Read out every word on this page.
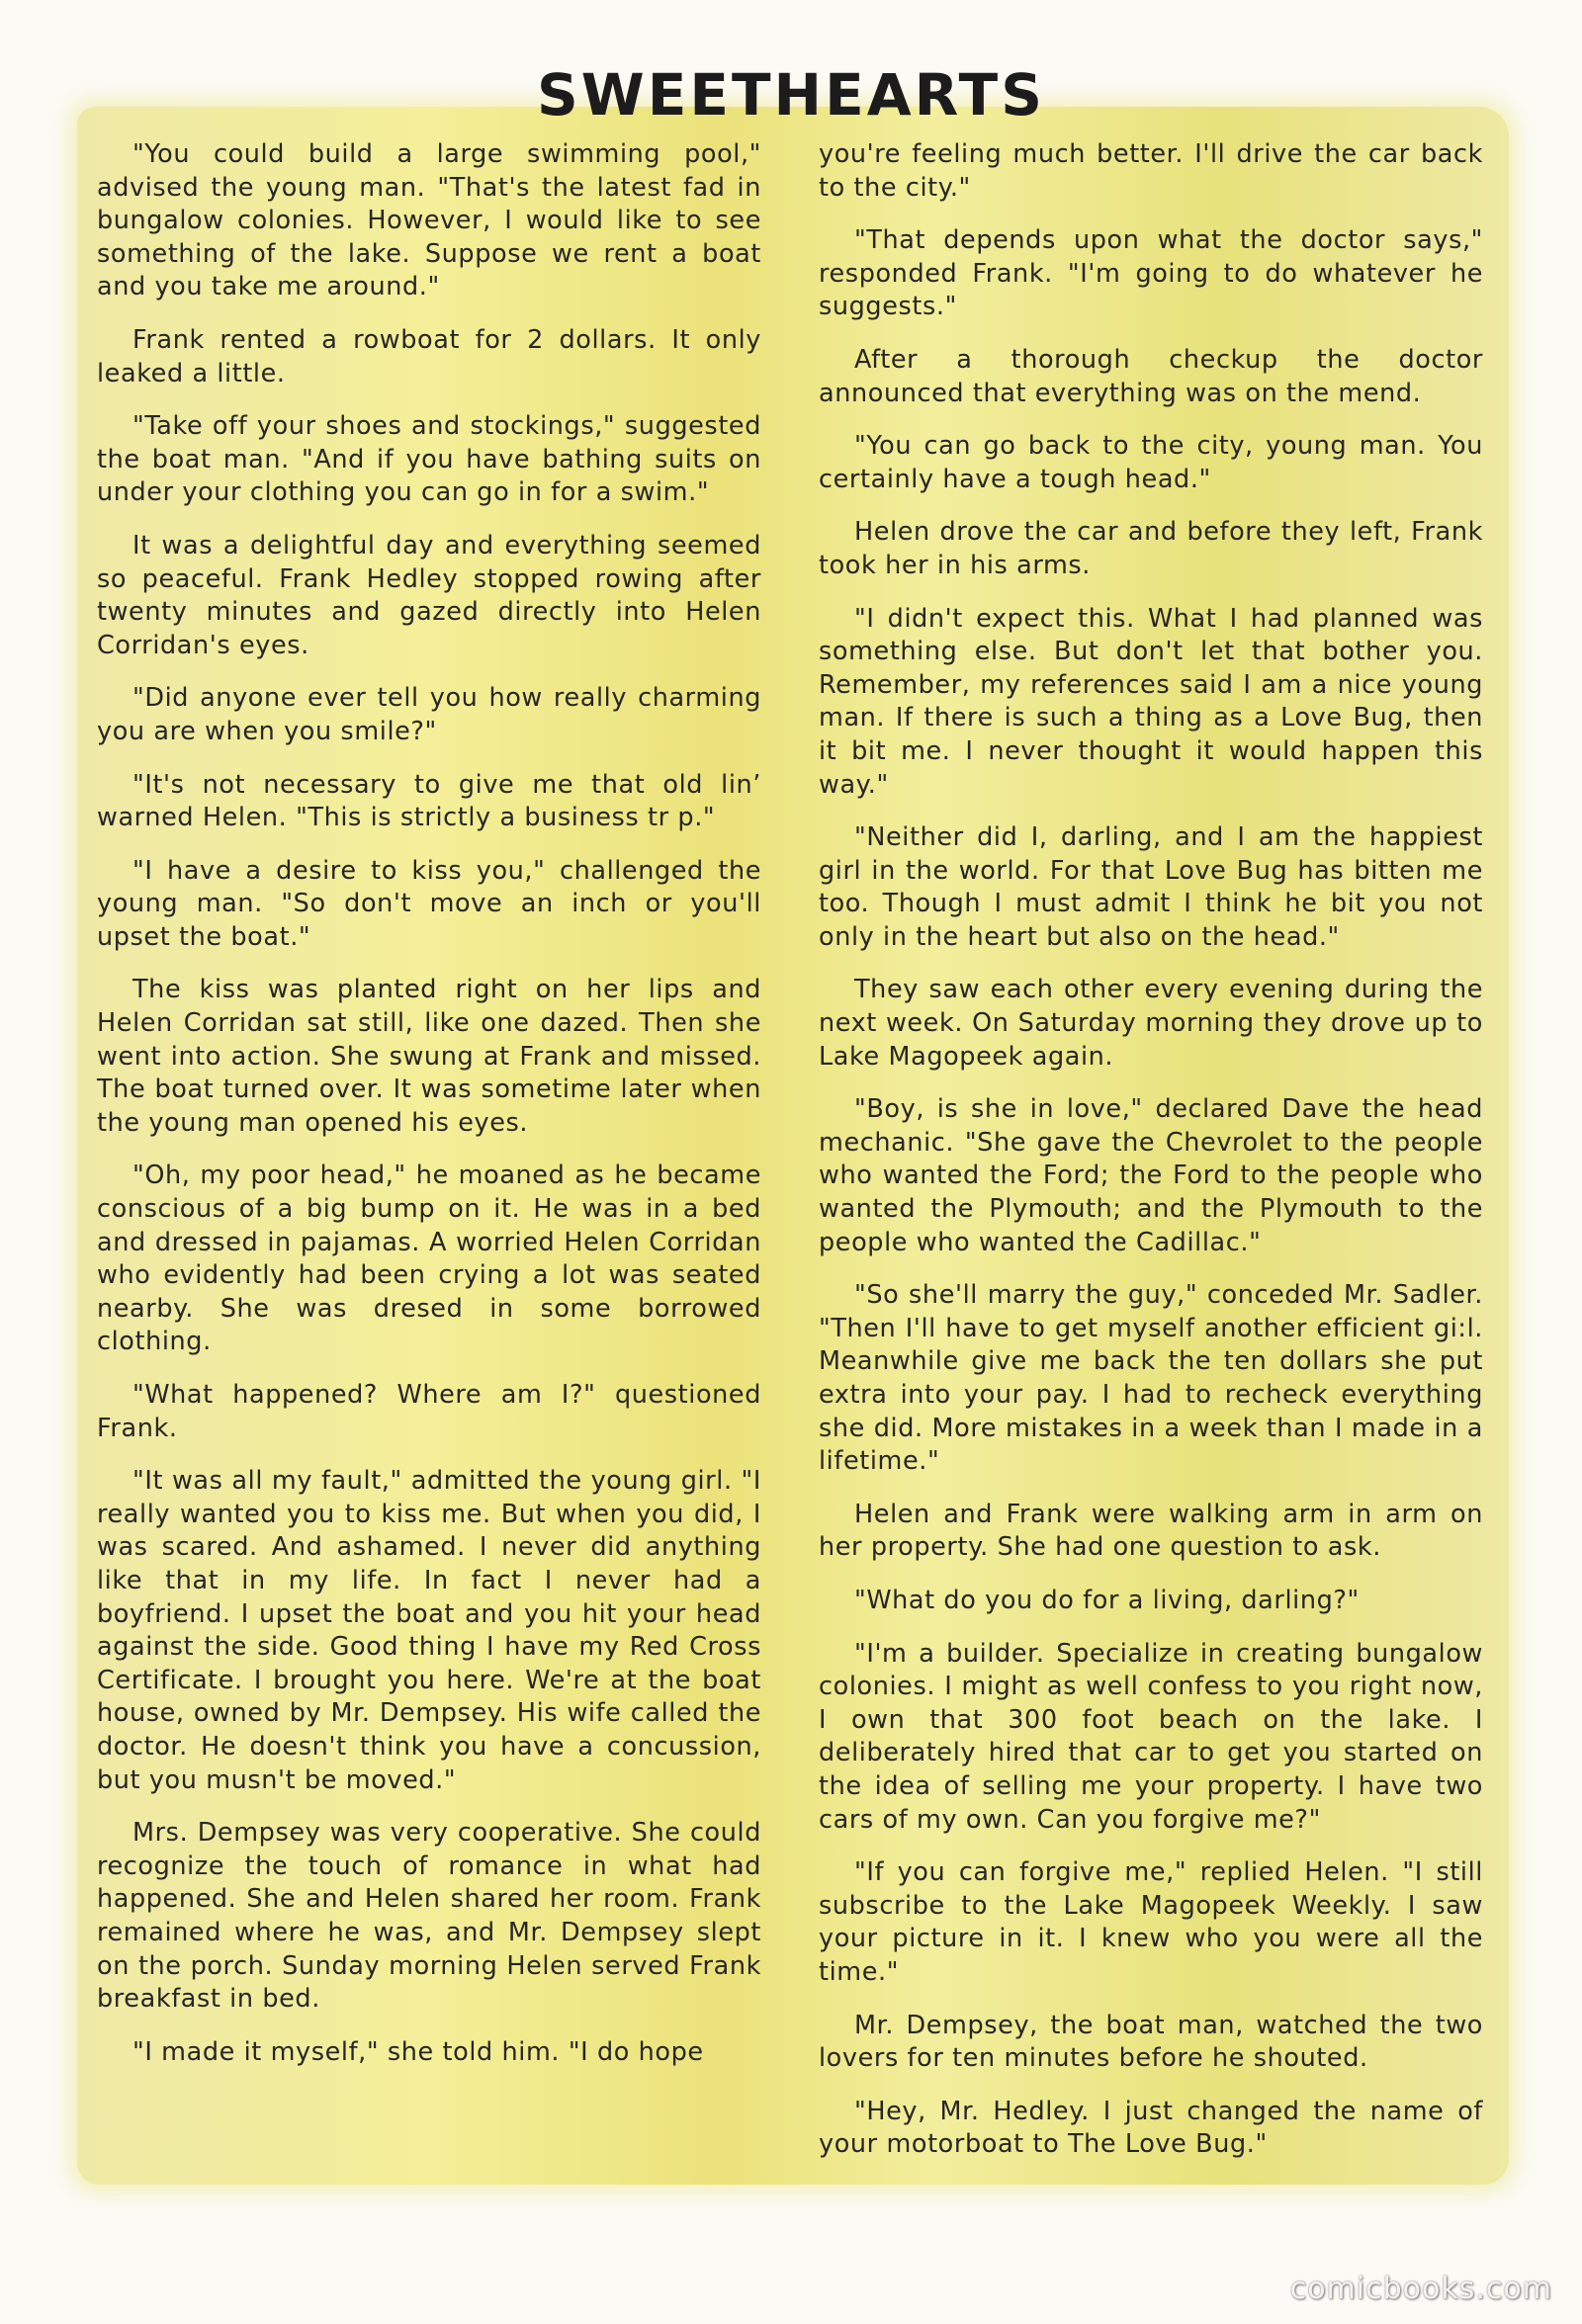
SWEETHEARTS

"You could build a large swimming pool," advised the young man. "That's the latest fad in bungalow colonies. However, I would like to see something of the lake. Suppose we rent a boat and you take me around."

Frank rented a rowboat for 2 dollars. It only leaked a little.

"Take off your shoes and stockings," suggested the boat man. "And if you have bathing suits on under your clothing you can go in for a swim."

It was a delightful day and everything seemed so peaceful. Frank Hedley stopped rowing after twenty minutes and gazed directly into Helen Corridan's eyes.

"Did anyone ever tell you how really charming you are when you smile?"

"It's not necessary to give me that old lin’ warned Helen. "This is strictly a business tr p."

"I have a desire to kiss you," challenged the young man. "So don't move an inch or you'll upset the boat."

The kiss was planted right on her lips and Helen Corridan sat still, like one dazed. Then she went into action. She swung at Frank and missed. The boat turned over. It was sometime later when the young man opened his eyes.

"Oh, my poor head," he moaned as he became conscious of a big bump on it. He was in a bed and dressed in pajamas. A worried Helen Corridan who evidently had been crying a lot was seated nearby. She was dresed in some borrowed clothing.

"What happened? Where am I?" questioned Frank.

"It was all my fault," admitted the young girl. "I really wanted you to kiss me. But when you did, I was scared. And ashamed. I never did anything like that in my life. In fact I never had a boyfriend. I upset the boat and you hit your head against the side. Good thing I have my Red Cross Certificate. I brought you here. We're at the boat house, owned by Mr. Dempsey. His wife called the doctor. He doesn't think you have a concussion, but you musn't be moved."

Mrs. Dempsey was very cooperative. She could recognize the touch of romance in what had happened. She and Helen shared her room. Frank remained where he was, and Mr. Dempsey slept on the porch. Sunday morning Helen served Frank breakfast in bed.

"I made it myself," she told him. "I do hope

you're feeling much better. I'll drive the car back to the city."

"That depends upon what the doctor says," responded Frank. "I'm going to do whatever he suggests."

After a thorough checkup the doctor announced that everything was on the mend.

"You can go back to the city, young man. You certainly have a tough head."

Helen drove the car and before they left, Frank took her in his arms.

"I didn't expect this. What I had planned was something else. But don't let that bother you. Remember, my references said I am a nice young man. If there is such a thing as a Love Bug, then it bit me. I never thought it would happen this way."

"Neither did I, darling, and I am the happiest girl in the world. For that Love Bug has bitten me too. Though I must admit I think he bit you not only in the heart but also on the head."

They saw each other every evening during the next week. On Saturday morning they drove up to Lake Magopeek again.

"Boy, is she in love," declared Dave the head mechanic. "She gave the Chevrolet to the people who wanted the Ford; the Ford to the people who wanted the Plymouth; and the Plymouth to the people who wanted the Cadillac."

"So she'll marry the guy," conceded Mr. Sadler. "Then I'll have to get myself another efficient gi:l. Meanwhile give me back the ten dollars she put extra into your pay. I had to recheck everything she did. More mistakes in a week than I made in a lifetime."

Helen and Frank were walking arm in arm on her property. She had one question to ask.

"What do you do for a living, darling?"

"I'm a builder. Specialize in creating bungalow colonies. I might as well confess to you right now, I own that 300 foot beach on the lake. I deliberately hired that car to get you started on the idea of selling me your property. I have two cars of my own. Can you forgive me?"

"If you can forgive me," replied Helen. "I still subscribe to the Lake Magopeek Weekly. I saw your picture in it. I knew who you were all the time."

Mr. Dempsey, the boat man, watched the two lovers for ten minutes before he shouted.

"Hey, Mr. Hedley. I just changed the name of your motorboat to The Love Bug."

comicbooks.com
